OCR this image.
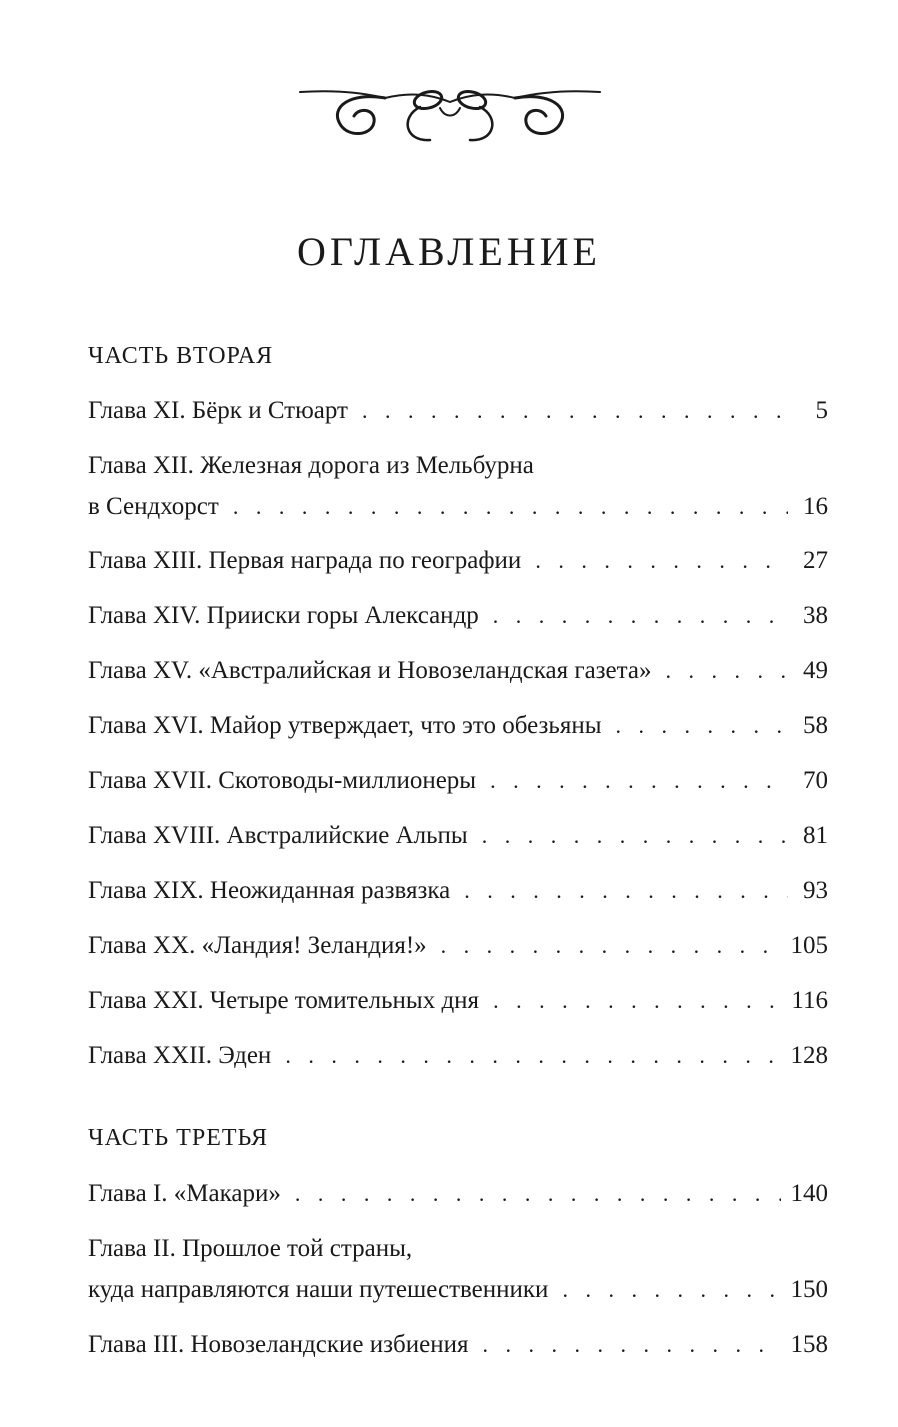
ОГЛАВЛЕНИЕ
ЧАСТЬ ВТОРАЯ
Глава XI. Бёрк и Стюарт . . .	5
Глава XII. Железная дорога из Мельбурна
в Сендхорст . . .	16
Глава XIII. Первая награда по географии . . .	27
Глава XIV. Прииски горы Александр . . .	38
Глава XV. «Австралийская и Новозеландская газета» . . .	49
Глава XVI. Майор утверждает, что это обезьяны . . .	58
Глава XVII. Скотоводы-миллионеры . . .	70
Глава XVIII. Австралийские Альпы . . .	81
Глава XIX. Неожиданная развязка . . .	93
Глава XX. «Ландия! Зеландия!» . . .	105
Глава XXI. Четыре томительных дня . . .	116
Глава XXII. Эден . . .	128
ЧАСТЬ ТРЕТЬЯ
Глава I. «Макари» . . .	140
Глава II. Прошлое той страны,
куда направляются наши путешественники . . .	150
Глава III. Новозеландские избиения . . .	158
